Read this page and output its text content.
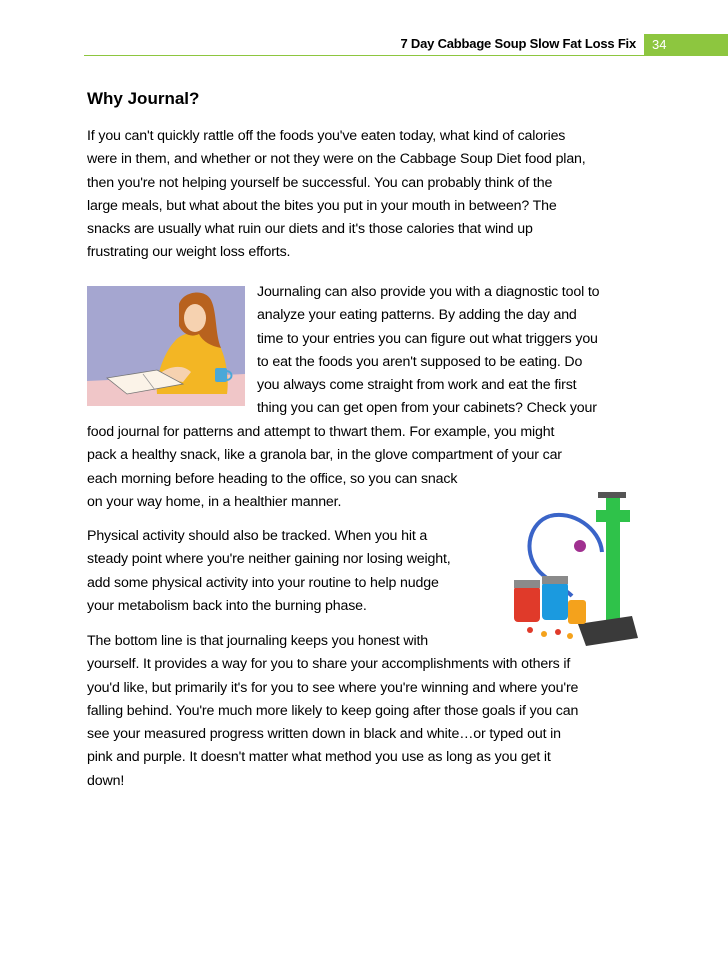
7 Day Cabbage Soup Slow Fat Loss Fix	34
Why Journal?
If you can't quickly rattle off the foods you've eaten today, what kind of calories
were in them, and whether or not they were on the Cabbage Soup Diet food plan,
then you're not helping yourself be successful. You can probably think of the
large meals, but what about the bites you put in your mouth in between? The
snacks are usually what ruin our diets and it's those calories that wind up
frustrating our weight loss efforts.
Journaling can also provide you with a diagnostic tool to
analyze your eating patterns. By adding the day and
time to your entries you can figure out what triggers you
to eat the foods you aren't supposed to be eating. Do
you always come straight from work and eat the first
thing you can get open from your cabinets? Check your
food journal for patterns and attempt to thwart them. For example, you might
pack a healthy snack, like a granola bar, in the glove compartment of your car
each morning before heading to the office, so you can snack
on your way home, in a healthier manner.
Physical activity should also be tracked. When you hit a
steady point where you're neither gaining nor losing weight,
add some physical activity into your routine to help nudge
your metabolism back into the burning phase.
The bottom line is that journaling keeps you honest with
yourself. It provides a way for you to share your accomplishments with others if
you'd like, but primarily it's for you to see where you're winning and where you're
falling behind. You're much more likely to keep going after those goals if you can
see your measured progress written down in black and white…or typed out in
pink and purple. It doesn't matter what method you use as long as you get it
down!
